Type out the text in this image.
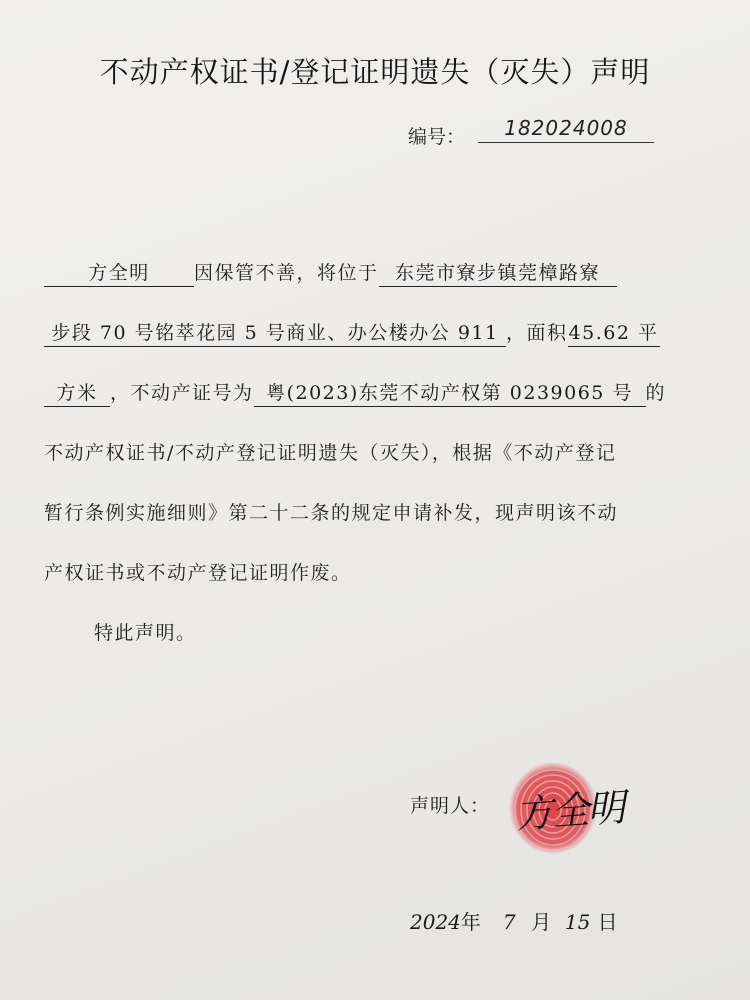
不动产权证书/登记证明遗失（灭失）声明
编号：	182024008
方全明 因保管不善，将位于 东莞市寮步镇莞樟路寮
步段 70 号铭萃花园 5 号商业、办公楼办公 911 ，面积45.62 平
方米 ，不动产证号为 粤(2023)东莞不动产权第 0239065 号 的
不动产权证书/不动产登记证明遗失（灭失），根据《不动产登记
暂行条例实施细则》第二十二条的规定申请补发，现声明该不动
产权证书或不动产登记证明作废。
特此声明。
声明人： 方全明
2024年 7 月 15 日
